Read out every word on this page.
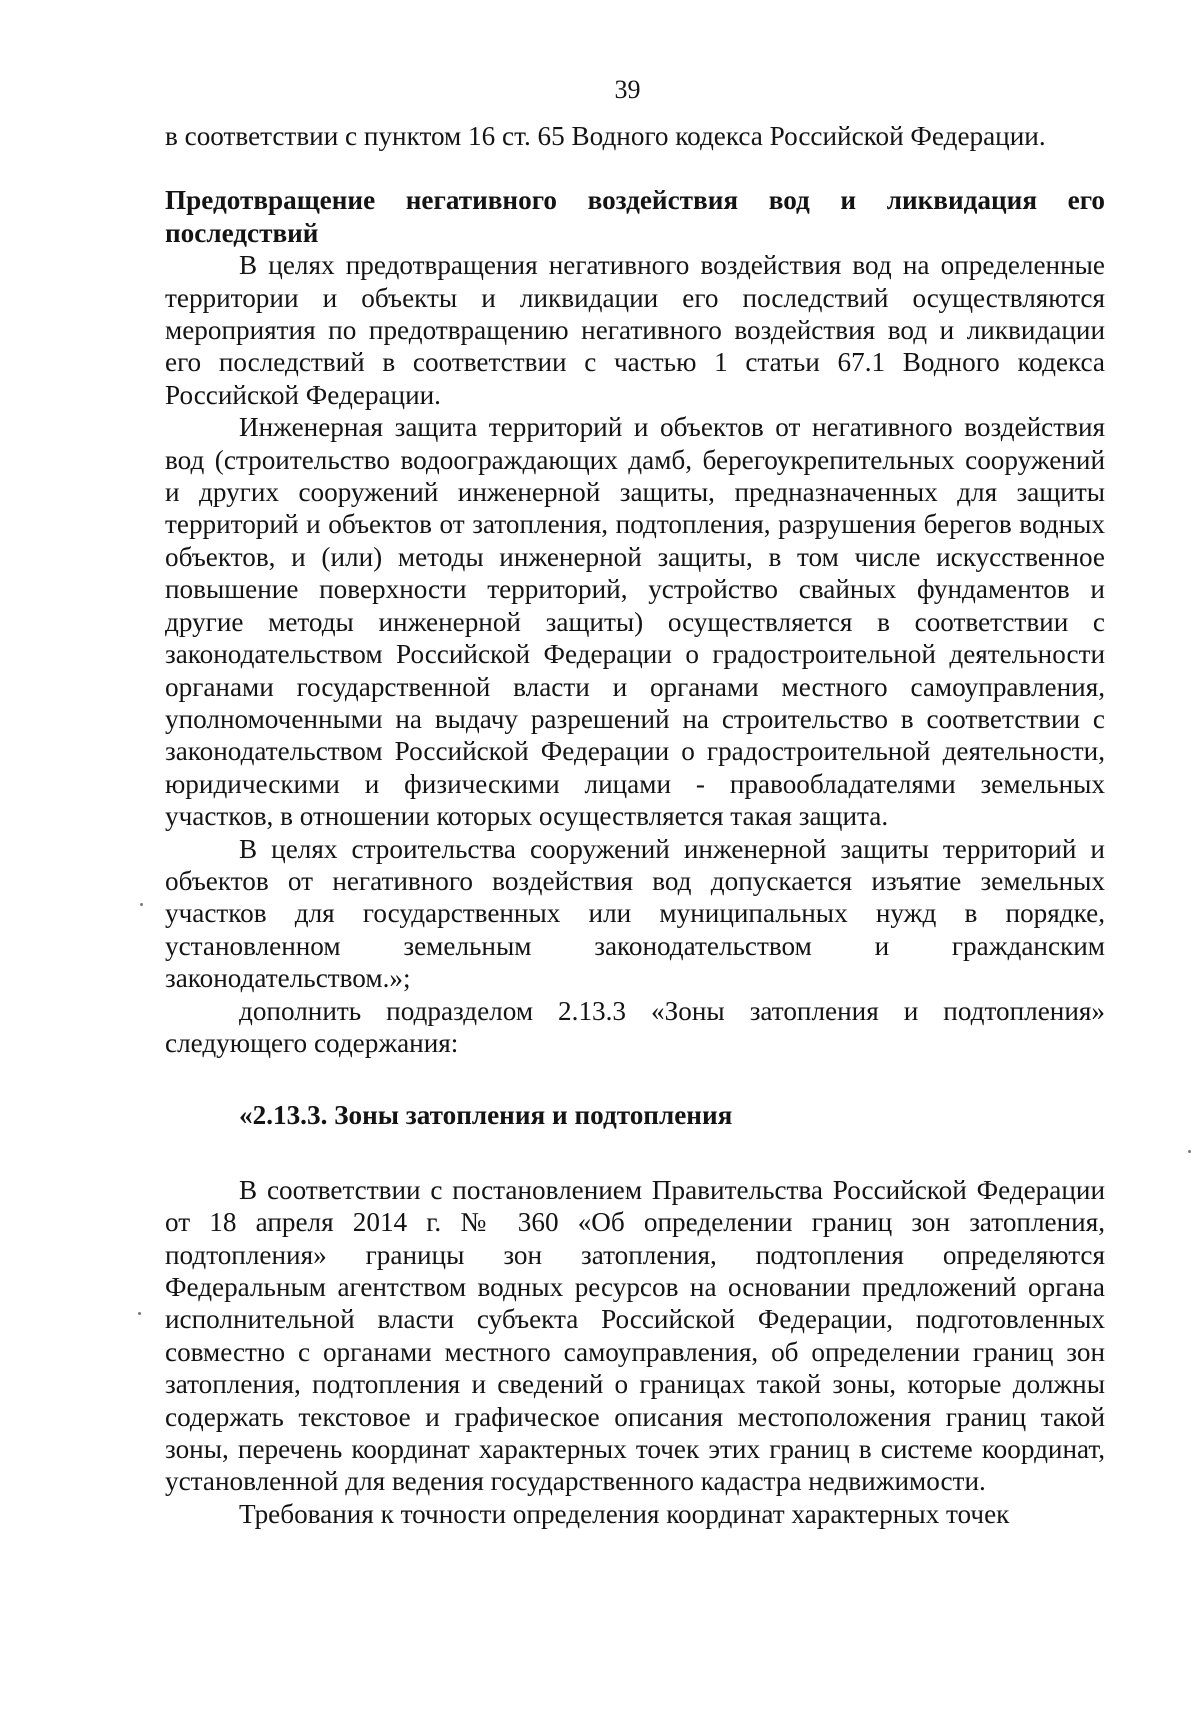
39

в соответствии с пунктом 16 ст. 65 Водного кодекса Российской Федерации.

Предотвращение негативного воздействия вод и ликвидация его последствий

В целях предотвращения негативного воздействия вод на определенные территории и объекты и ликвидации его последствий осуществляются мероприятия по предотвращению негативного воздействия вод и ликвидации его последствий в соответствии с частью 1 статьи 67.1 Водного кодекса Российской Федерации.

Инженерная защита территорий и объектов от негативного воздействия вод (строительство водоограждающих дамб, берегоукрепительных сооружений и других сооружений инженерной защиты, предназначенных для защиты территорий и объектов от затопления, подтопления, разрушения берегов водных объектов, и (или) методы инженерной защиты, в том числе искусственное повышение поверхности территорий, устройство свайных фундаментов и другие методы инженерной защиты) осуществляется в соответствии с законодательством Российской Федерации о градостроительной деятельности органами государственной власти и органами местного самоуправления, уполномоченными на выдачу разрешений на строительство в соответствии с законодательством Российской Федерации о градостроительной деятельности, юридическими и физическими лицами - правообладателями земельных участков, в отношении которых осуществляется такая защита.

В целях строительства сооружений инженерной защиты территорий и объектов от негативного воздействия вод допускается изъятие земельных участков для государственных или муниципальных нужд в порядке, установленном земельным законодательством и гражданским законодательством.»;

дополнить подразделом 2.13.3 «Зоны затопления и подтопления» следующего содержания:

«2.13.3. Зоны затопления и подтопления

В соответствии с постановлением Правительства Российской Федерации от 18 апреля 2014 г. № 360 «Об определении границ зон затопления, подтопления» границы зон затопления, подтопления определяются Федеральным агентством водных ресурсов на основании предложений органа исполнительной власти субъекта Российской Федерации, подготовленных совместно с органами местного самоуправления, об определении границ зон затопления, подтопления и сведений о границах такой зоны, которые должны содержать текстовое и графическое описания местоположения границ такой зоны, перечень координат характерных точек этих границ в системе координат, установленной для ведения государственного кадастра недвижимости.

Требования к точности определения координат характерных точек
